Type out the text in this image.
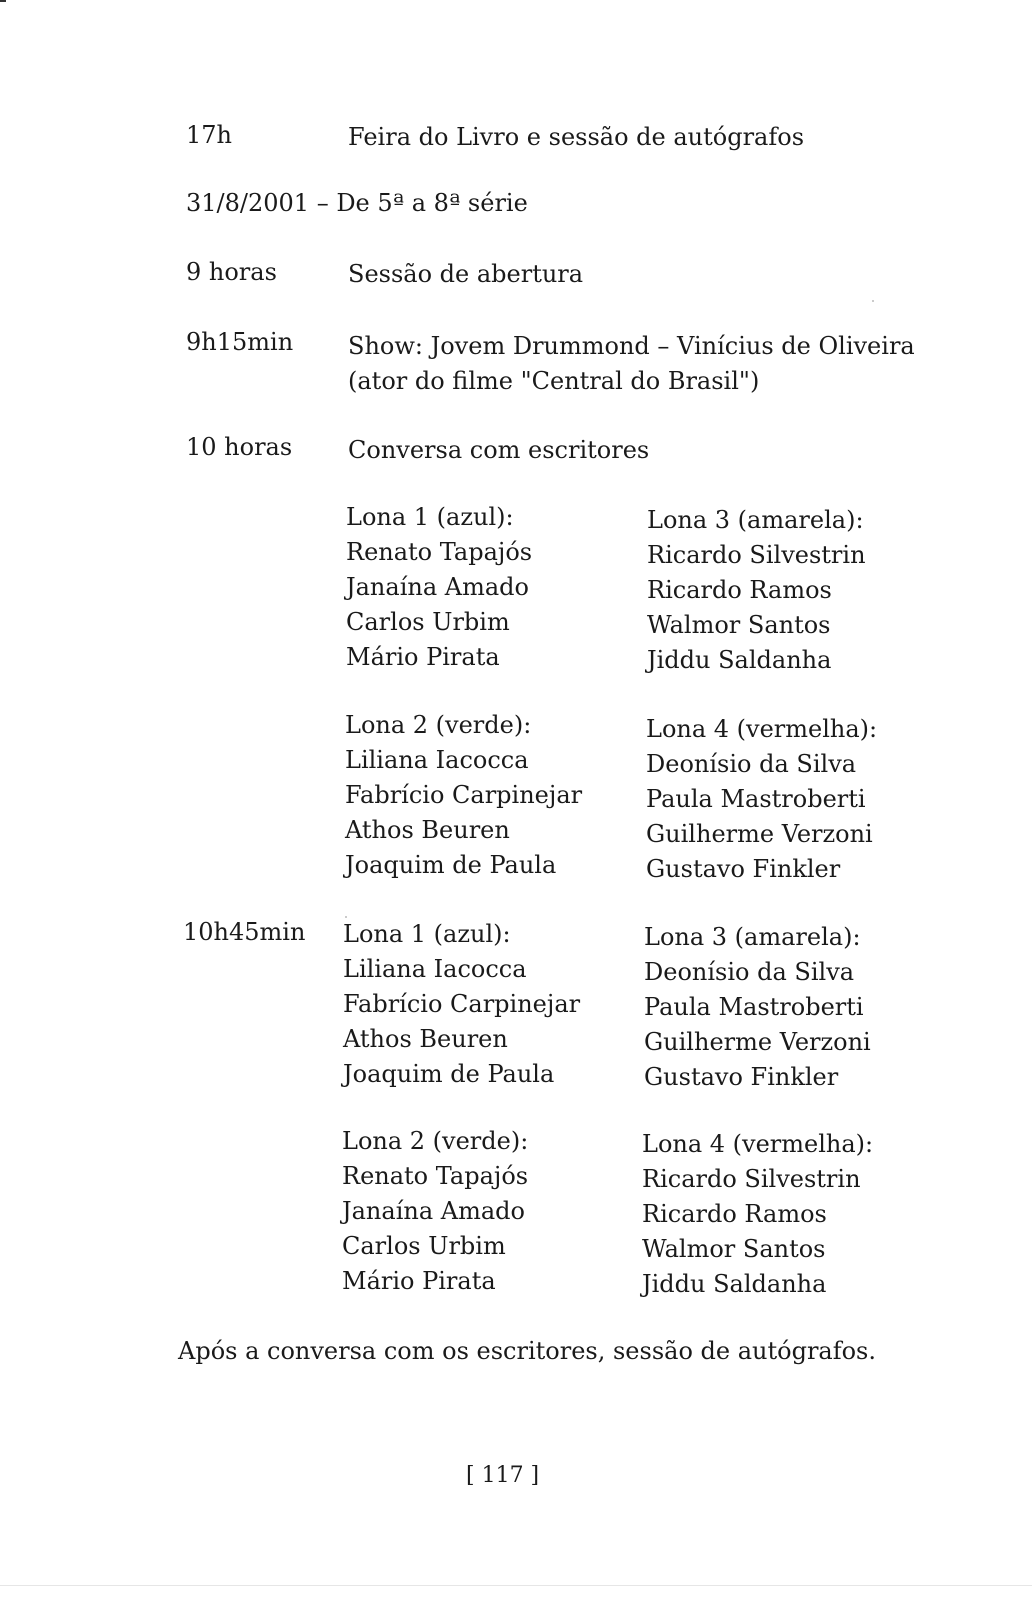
17h	Feira do Livro e sessão de autógrafos
31/8/2001 – De 5ª a 8ª série
9 horas	Sessão de abertura
9h15min Show: Jovem Drummond – Vinícius de Oliveira
(ator do filme "Central do Brasil")
10 horas Conversa com escritores
Lona 1 (azul):
Renato Tapajós
Janaína Amado
Carlos Urbim
Mário Pirata
Lona 3 (amarela):
Ricardo Silvestrin
Ricardo Ramos
Walmor Santos
Jiddu Saldanha
Lona 2 (verde):
Liliana Iacocca
Fabrício Carpinejar
Athos Beuren
Joaquim de Paula
Lona 4 (vermelha):
Deonísio da Silva
Paula Mastroberti
Guilherme Verzoni
Gustavo Finkler
10h45min Lona 1 (azul):
Liliana Iacocca
Fabrício Carpinejar
Athos Beuren
Joaquim de Paula
Lona 3 (amarela):
Deonísio da Silva
Paula Mastroberti
Guilherme Verzoni
Gustavo Finkler
Lona 2 (verde):
Renato Tapajós
Janaína Amado
Carlos Urbim
Mário Pirata
Lona 4 (vermelha):
Ricardo Silvestrin
Ricardo Ramos
Walmor Santos
Jiddu Saldanha
Após a conversa com os escritores, sessão de autógrafos.
[ 117 ]
